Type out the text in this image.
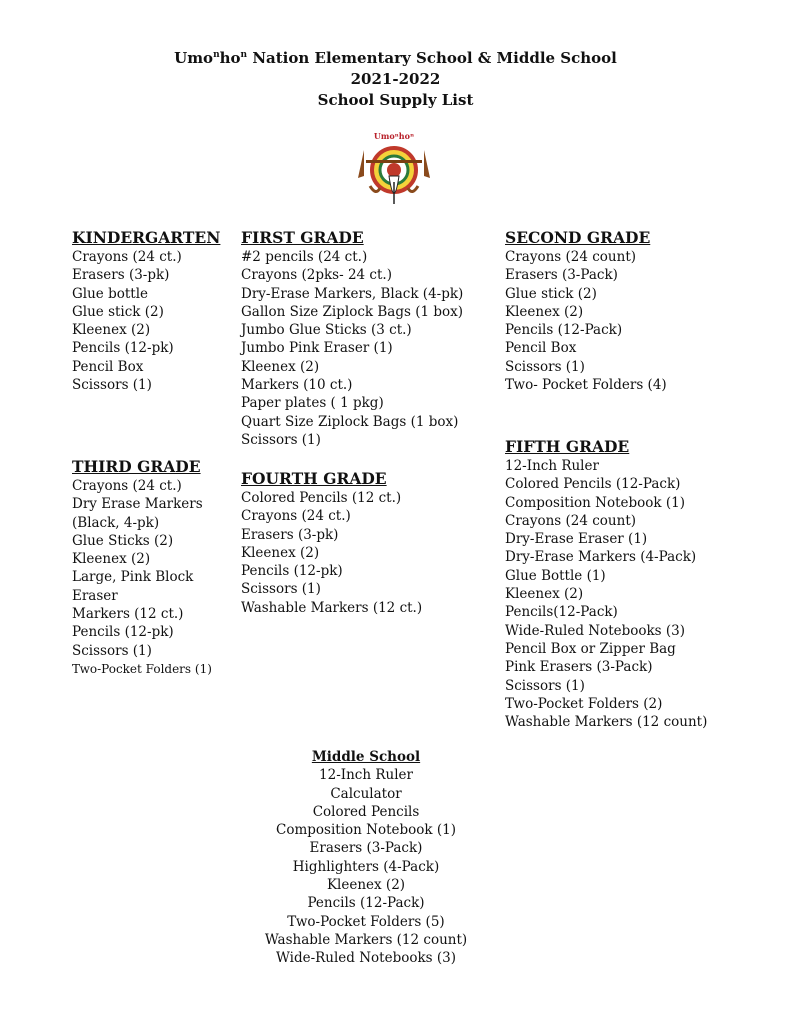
$Umo^nho^n$ Nation Elementary School & Middle School
2021-2022
School Supply List
Umoⁿhoⁿ
KINDERGARTEN
Crayons (24 ct.)
Erasers (3-pk)
Glue bottle
Glue stick (2)
Kleenex (2)
Pencils (12-pk)
Pencil Box
Scissors (1)
FIRST GRADE
#2 pencils (24 ct.)
Crayons (2pks- 24 ct.)
Dry-Erase Markers, Black (4-pk)
Gallon Size Ziplock Bags (1 box)
Jumbo Glue Sticks (3 ct.)
Jumbo Pink Eraser (1)
Kleenex (2)
Markers (10 ct.)
Paper plates ( 1 pkg)
Quart Size Ziplock Bags (1 box)
Scissors (1)
SECOND GRADE
Crayons (24 count)
Erasers (3-Pack)
Glue stick (2)
Kleenex (2)
Pencils (12-Pack)
Pencil Box
Scissors (1)
Two- Pocket Folders (4)
THIRD GRADE
Crayons (24 ct.)
Dry Erase Markers
(Black, 4-pk)
Glue Sticks (2)
Kleenex (2)
Large, Pink Block
Eraser
Markers (12 ct.)
Pencils (12-pk)
Scissors (1)
Two-Pocket Folders (1)
FOURTH GRADE
Colored Pencils (12 ct.)
Crayons (24 ct.)
Erasers (3-pk)
Kleenex (2)
Pencils (12-pk)
Scissors (1)
Washable Markers (12 ct.)
FIFTH GRADE
12-Inch Ruler
Colored Pencils (12-Pack)
Composition Notebook (1)
Crayons (24 count)
Dry-Erase Eraser (1)
Dry-Erase Markers (4-Pack)
Glue Bottle (1)
Kleenex (2)
Pencils(12-Pack)
Wide-Ruled Notebooks (3)
Pencil Box or Zipper Bag
Pink Erasers (3-Pack)
Scissors (1)
Two-Pocket Folders (2)
Washable Markers (12 count)
Middle School
12-Inch Ruler
Calculator
Colored Pencils
Composition Notebook (1)
Erasers (3-Pack)
Highlighters (4-Pack)
Kleenex (2)
Pencils (12-Pack)
Two-Pocket Folders (5)
Washable Markers (12 count)
Wide-Ruled Notebooks (3)
